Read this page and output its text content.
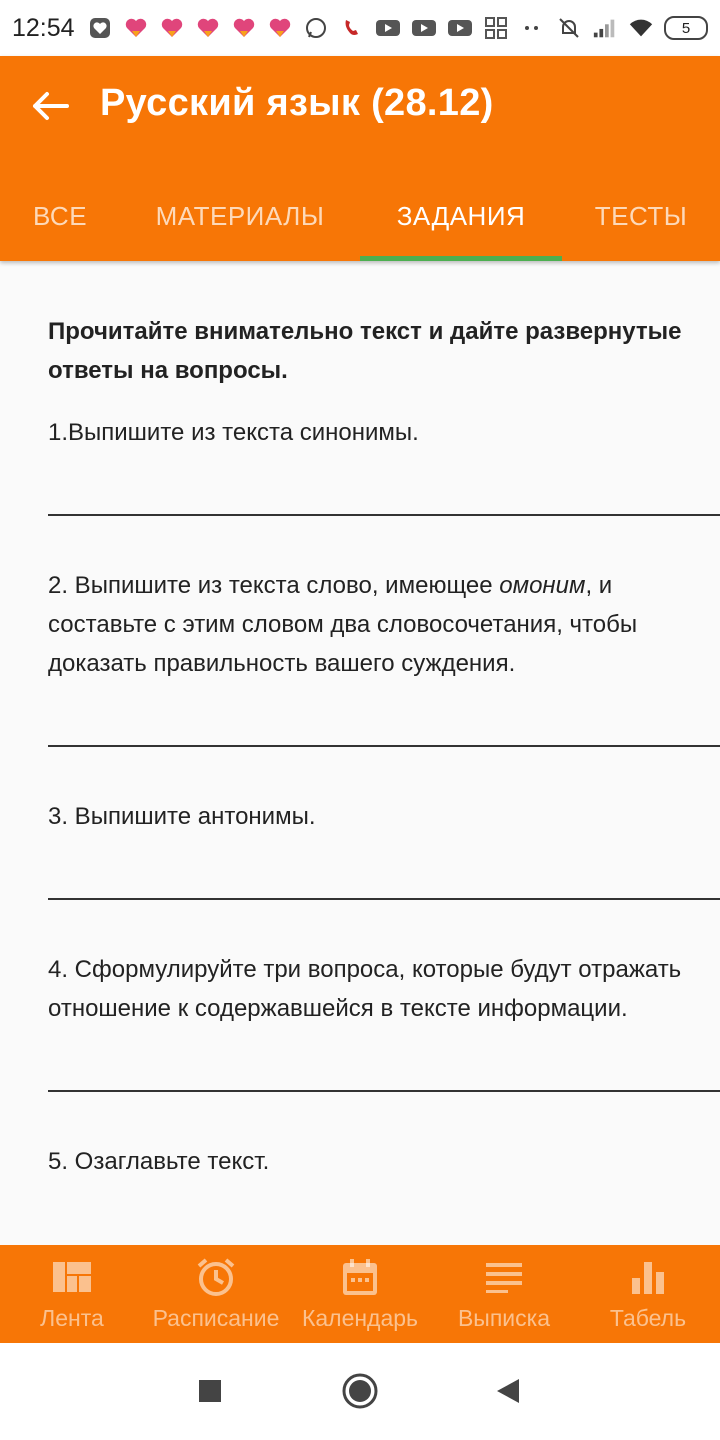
12:54	5
Русский язык (28.12)
ВСЕ	МАТЕРИАЛЫ	ЗАДАНИЯ	ТЕСТЫ

Прочитайте внимательно текст и дайте развернутые ответы на вопросы.

1.Выпишите из текста синонимы.

2. Выпишите из текста слово, имеющее омоним, и составьте с этим словом два словосочетания, чтобы доказать правильность вашего суждения.

3. Выпишите антонимы.

4. Сформулируйте три вопроса, которые будут отражать отношение к содержавшейся в тексте информации.

5. Озаглавьте текст.

Лента Расписание Календарь Выписка	Табель
